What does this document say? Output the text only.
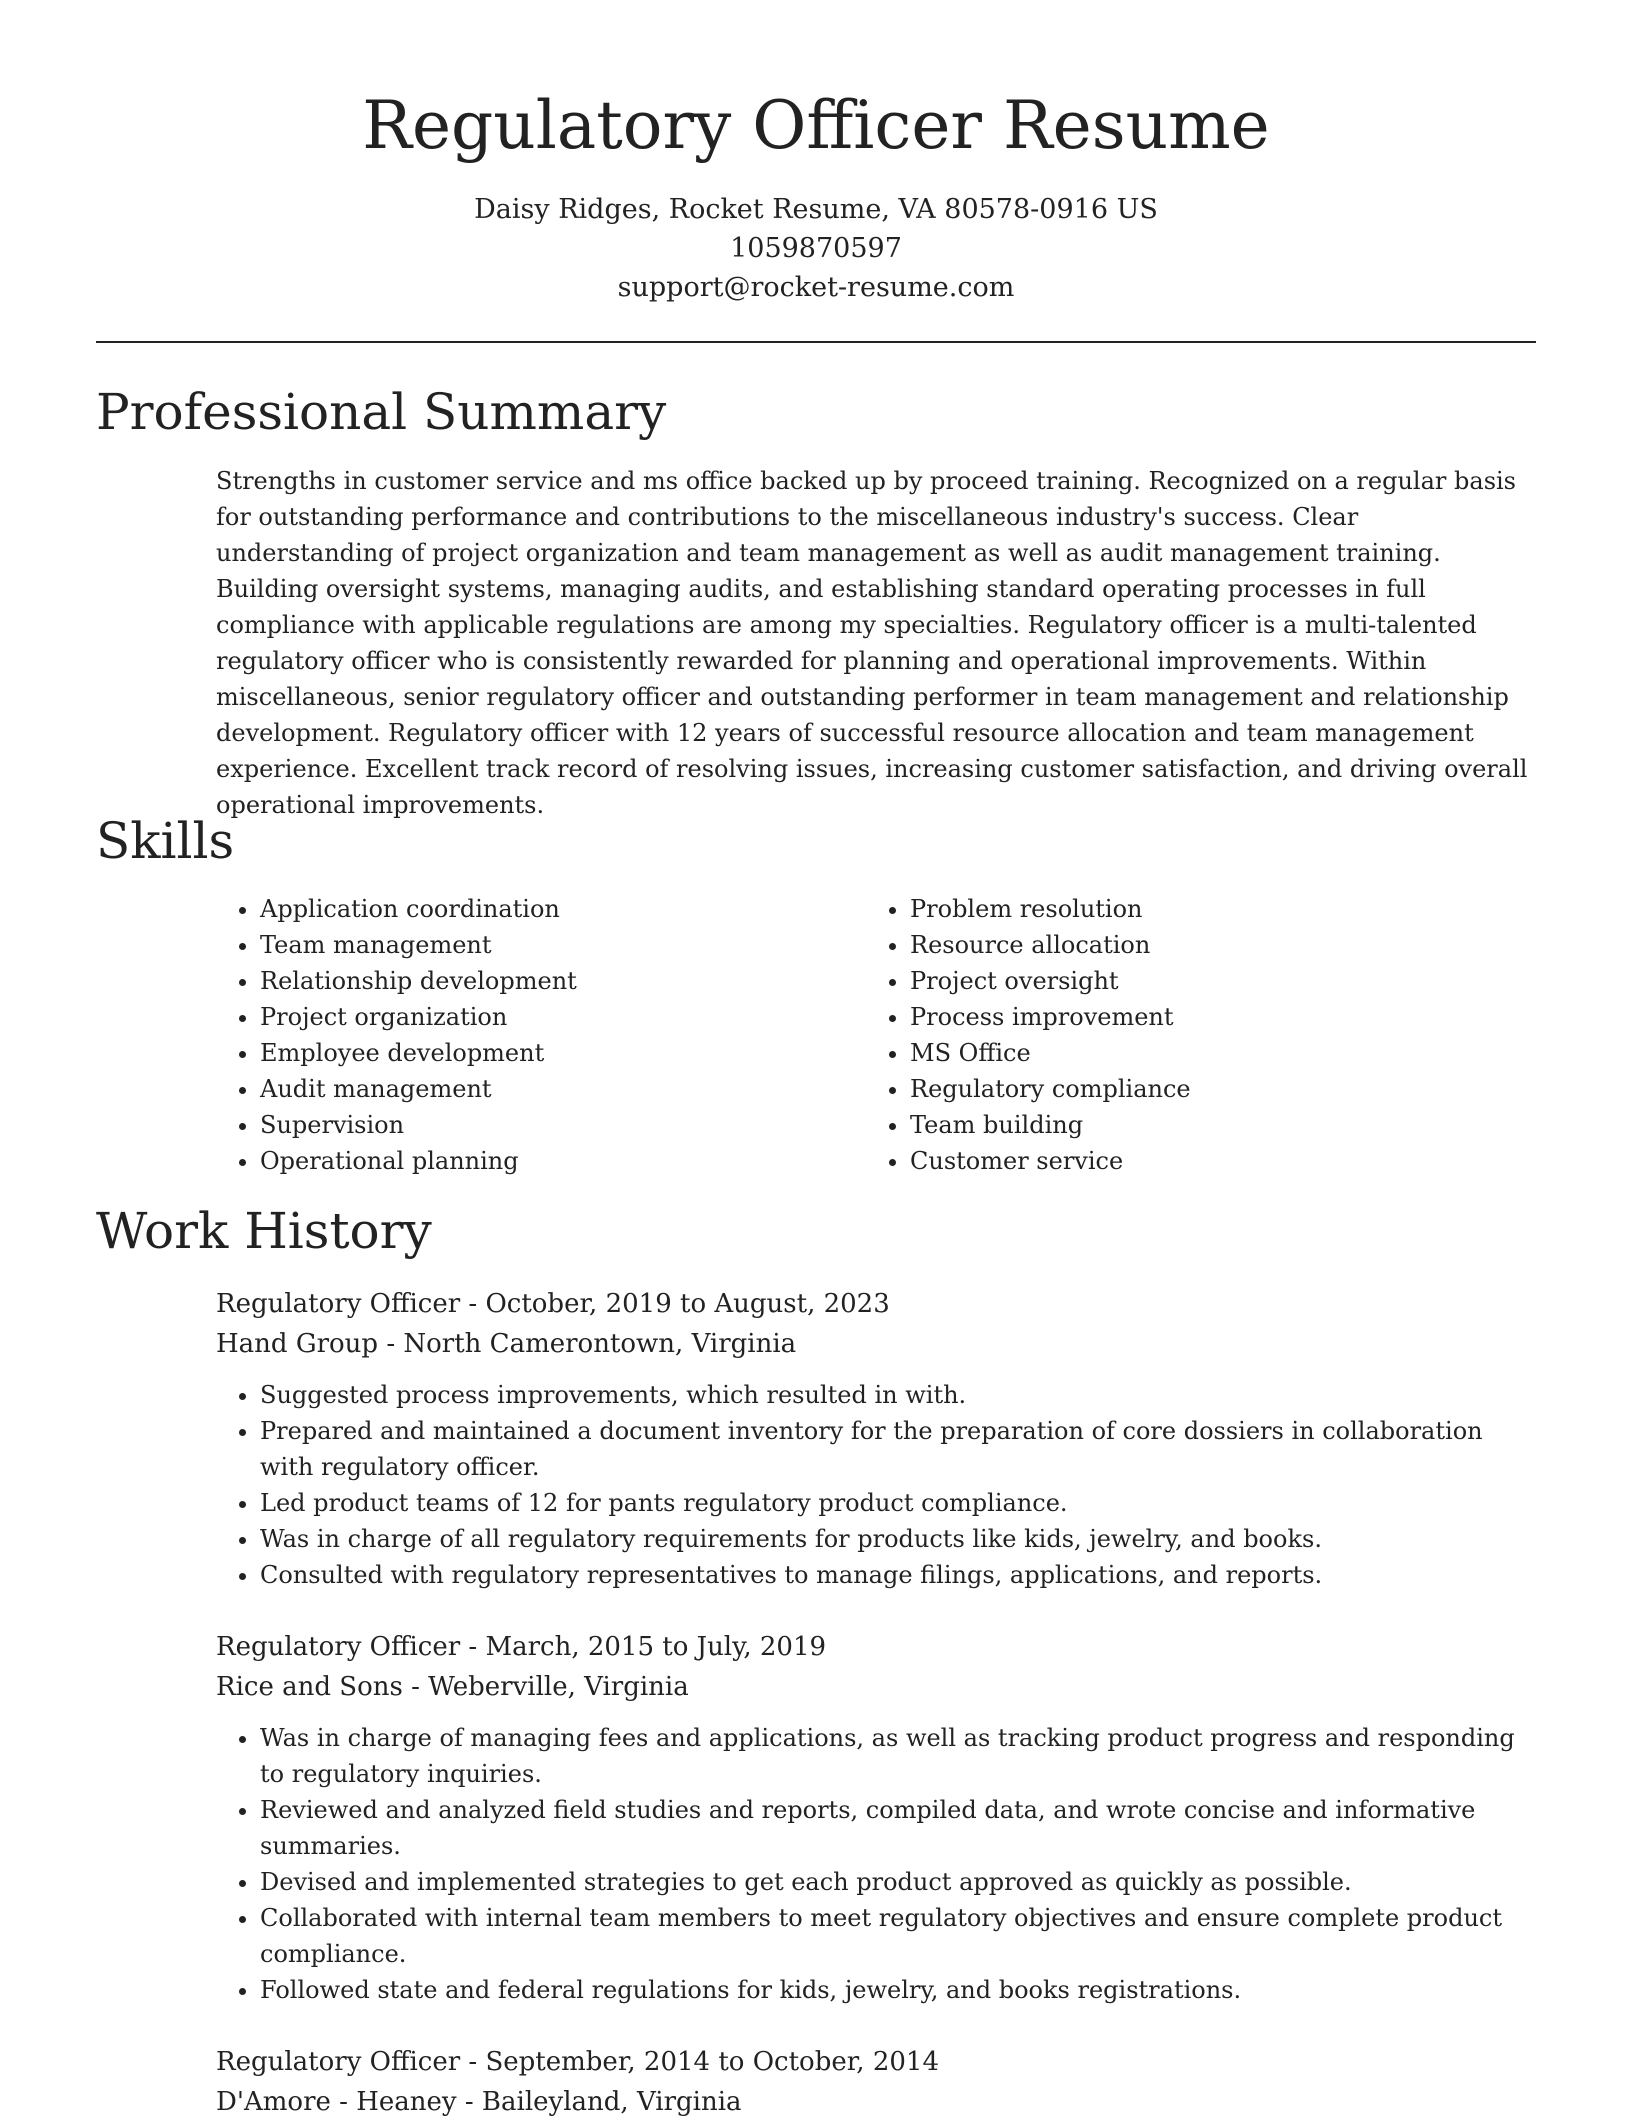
Regulatory Officer Resume
Daisy Ridges, Rocket Resume, VA 80578-0916 US
1059870597
support@rocket-resume.com
Professional Summary

Strengths in customer service and ms office backed up by proceed training. Recognized on a regular basis for outstanding performance and contributions to the miscellaneous industry's success. Clear understanding of project organization and team management as well as audit management training. Building oversight systems, managing audits, and establishing standard operating processes in full compliance with applicable regulations are among my specialties. Regulatory officer is a multi-talented regulatory officer who is consistently rewarded for planning and operational improvements. Within miscellaneous, senior regulatory officer and outstanding performer in team management and relationship development. Regulatory officer with 12 years of successful resource allocation and team management experience. Excellent track record of resolving issues, increasing customer satisfaction, and driving overall operational improvements.

Skills
• Application coordination
• Team management
• Relationship development
• Project organization
• Employee development
• Audit management
• Supervision
• Operational planning
• Problem resolution
• Resource allocation
• Project oversight
• Process improvement
• MS Office
• Regulatory compliance
• Team building
• Customer service
Work History
Regulatory Officer - October, 2019 to August, 2023
Hand Group - North Camerontown, Virginia
• Suggested process improvements, which resulted in with.
• Prepared and maintained a document inventory for the preparation of core dossiers in collaboration with regulatory officer.
• Led product teams of 12 for pants regulatory product compliance.
• Was in charge of all regulatory requirements for products like kids, jewelry, and books.
• Consulted with regulatory representatives to manage filings, applications, and reports.
Regulatory Officer - March, 2015 to July, 2019
Rice and Sons - Weberville, Virginia
• Was in charge of managing fees and applications, as well as tracking product progress and responding to regulatory inquiries.
• Reviewed and analyzed field studies and reports, compiled data, and wrote concise and informative summaries.
• Devised and implemented strategies to get each product approved as quickly as possible.
• Collaborated with internal team members to meet regulatory objectives and ensure complete product compliance.
• Followed state and federal regulations for kids, jewelry, and books registrations.
Regulatory Officer - September, 2014 to October, 2014
D'Amore - Heaney - Baileyland, Virginia
